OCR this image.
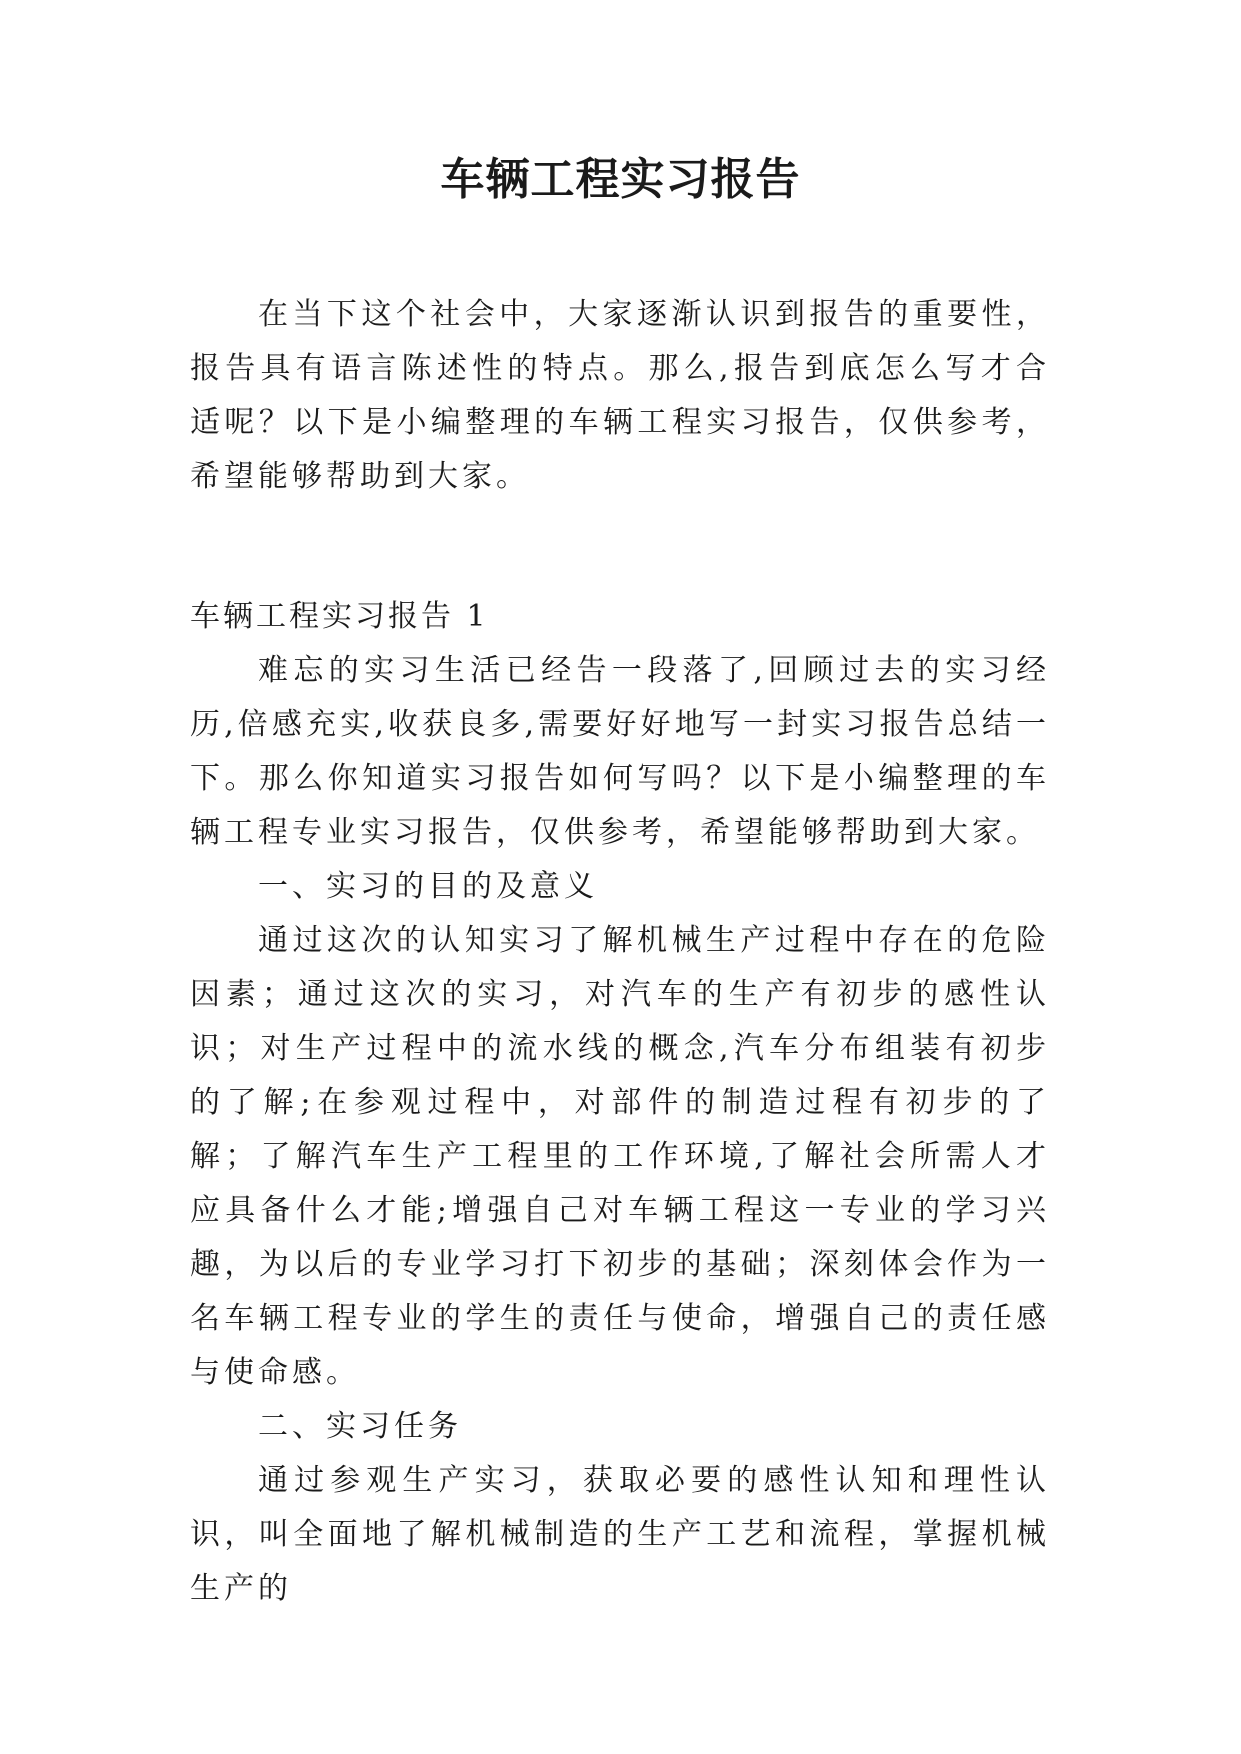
车辆工程实习报告

在当下这个社会中，大家逐渐认识到报告的重要性，报告具有语言陈述性的特点。那么,报告到底怎么写才合适呢？以下是小编整理的车辆工程实习报告，仅供参考，希望能够帮助到大家。

车辆工程实习报告 1

难忘的实习生活已经告一段落了,回顾过去的实习经历,倍感充实,收获良多,需要好好地写一封实习报告总结一下。那么你知道实习报告如何写吗？以下是小编整理的车辆工程专业实习报告，仅供参考，希望能够帮助到大家。

一、实习的目的及意义

通过这次的认知实习了解机械生产过程中存在的危险因素；通过这次的实习，对汽车的生产有初步的感性认识；对生产过程中的流水线的概念,汽车分布组装有初步的了解;在参观过程中，对部件的制造过程有初步的了解；了解汽车生产工程里的工作环境,了解社会所需人才应具备什么才能;增强自己对车辆工程这一专业的学习兴趣，为以后的专业学习打下初步的基础；深刻体会作为一名车辆工程专业的学生的责任与使命，增强自己的责任感与使命感。

二、实习任务

通过参观生产实习，获取必要的感性认知和理性认识，叫全面地了解机械制造的生产工艺和流程，掌握机械生产的
